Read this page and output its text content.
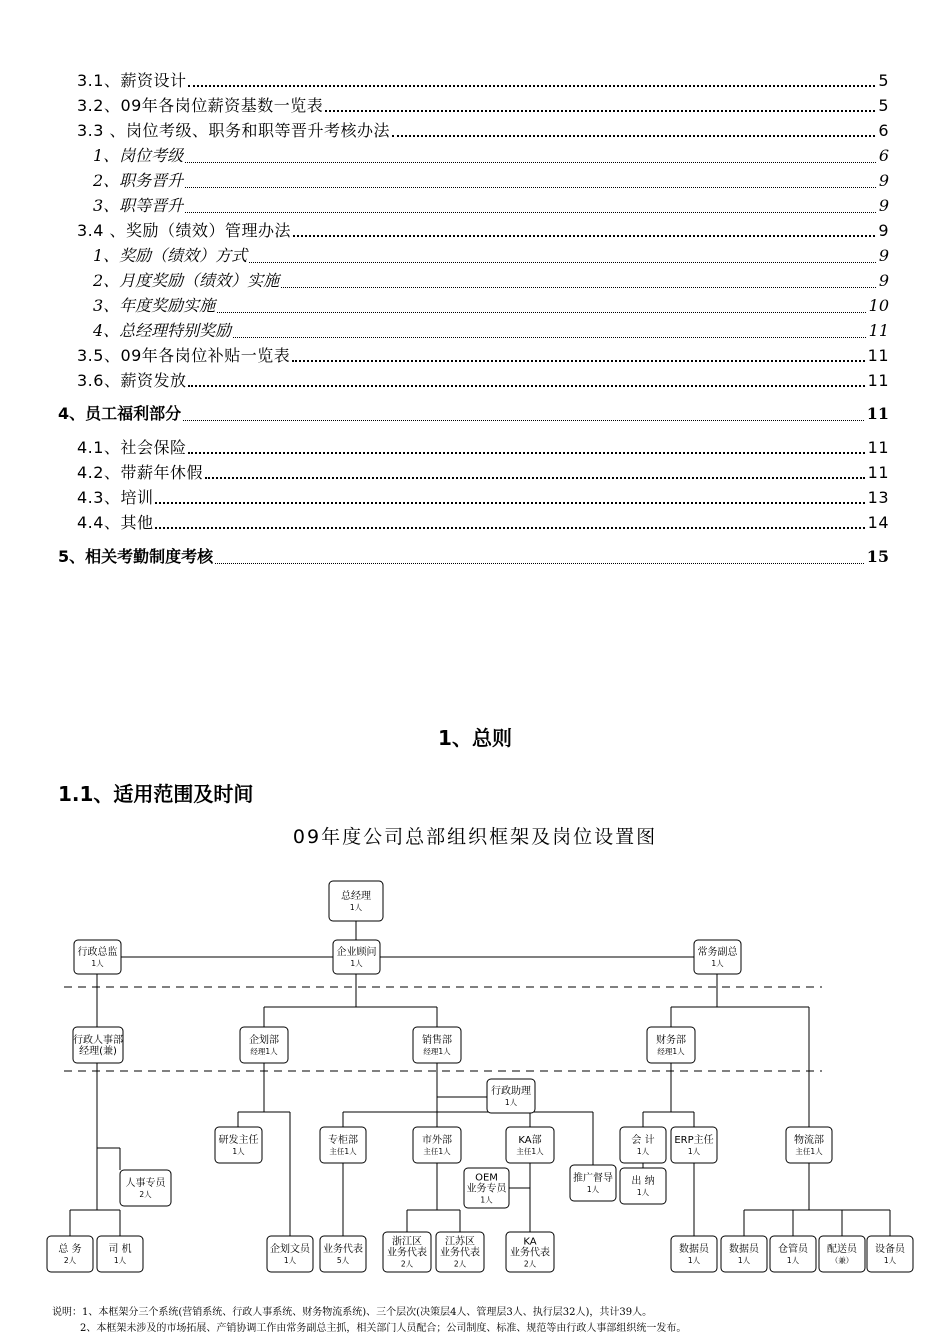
3.1、薪资设计	5
3.2、09年各岗位薪资基数一览表	5
3.3 、岗位考级、职务和职等晋升考核办法	6
1、岗位考级	6
2、职务晋升	9
3、职等晋升	9
3.4 、奖励（绩效）管理办法	9
1、奖励（绩效）方式	9
2、月度奖励（绩效）实施	9
3、年度奖励实施	10
4、总经理特别奖励	11
3.5、09年各岗位补贴一览表	11
3.6、薪资发放	11
4、员工福利部分	11
4.1、社会保险	11
4.2、带薪年休假	11
4.3、培训	13
4.4、其他	14
5、相关考勤制度考核	15
1、总则
1.1、适用范围及时间
09年度公司总部组织框架及岗位设置图
总经理
1人
行政总监
1人
企业顾问
1人
常务副总
1人
行政人事部
经理(兼)
企划部
经理1人
销售部
经理1人
财务部
经理1人
行政助理
1人
研发主任
1人
专柜部
主任1人
市外部
主任1人
KA部
主任1人
推广督导
1人
OEM
业务专员
1人
会 计
1人
出 纳
1人
ERP主任
1人
物流部
主任1人
人事专员
2人
总 务
2人
司 机
1人
企划文员
1人
业务代表
5人
浙江区
业务代表
2人
江苏区
业务代表
2人
KA
业务代表
2人
数据员
1人
数据员
1人
仓管员
1人
配送员
（兼）
设备员
1人
说明：1、本框架分三个系统(营销系统、行政人事系统、财务物流系统)、三个层次(决策层4人、管理层3人、执行层32人)，共计39人。
2、本框架未涉及的市场拓展、产销协调工作由常务副总主抓，相关部门人员配合；公司制度、标准、规范等由行政人事部组织统一发布。
